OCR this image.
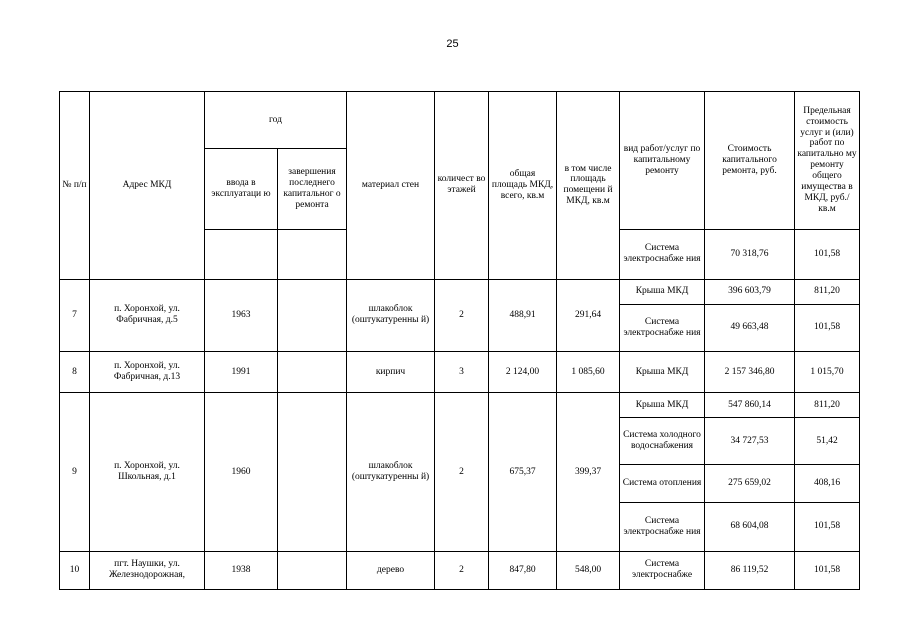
25
№ п/п	Адрес МКД	год		материал стен	количест во этажей	общая площадь МКД, всего, кв.м	в том числе площадь помещени й МКД, кв.м	вид работ/услуг по капитальному ремонту	Стоимость капитального ремонта, руб.	Предельная стоимость услуг и (или) работ по капитально му ремонту общего имущества в МКД, руб./кв.м
		ввода в эксплуатаци ю	завершения последнего капитальног о ремонта							
								Система электроснабже ния	70 318,76	101,58
7	п. Хоронхой, ул. Фабричная, д.5	1963		шлакоблок (оштукатуренны й)	2	488,91	291,64	Крыша МКД	396 603,79	811,20
								Система электроснабже ния	49 663,48	101,58
8	п. Хоронхой, ул. Фабричная, д.13	1991		кирпич	3	2 124,00	1 085,60	Крыша МКД	2 157 346,80	1 015,70
9	п. Хоронхой, ул. Школьная, д.1	1960		шлакоблок (оштукатуренны й)	2	675,37	399,37	Крыша МКД	547 860,14	811,20
								Система холодного водоснабжения	34 727,53	51,42
								Система отопления	275 659,02	408,16
								Система электроснабже ния	68 604,08	101,58
10	пгт. Наушки, ул. Железнодорожная,	1938		дерево	2	847,80	548,00	Система электроснабже	86 119,52	101,58
